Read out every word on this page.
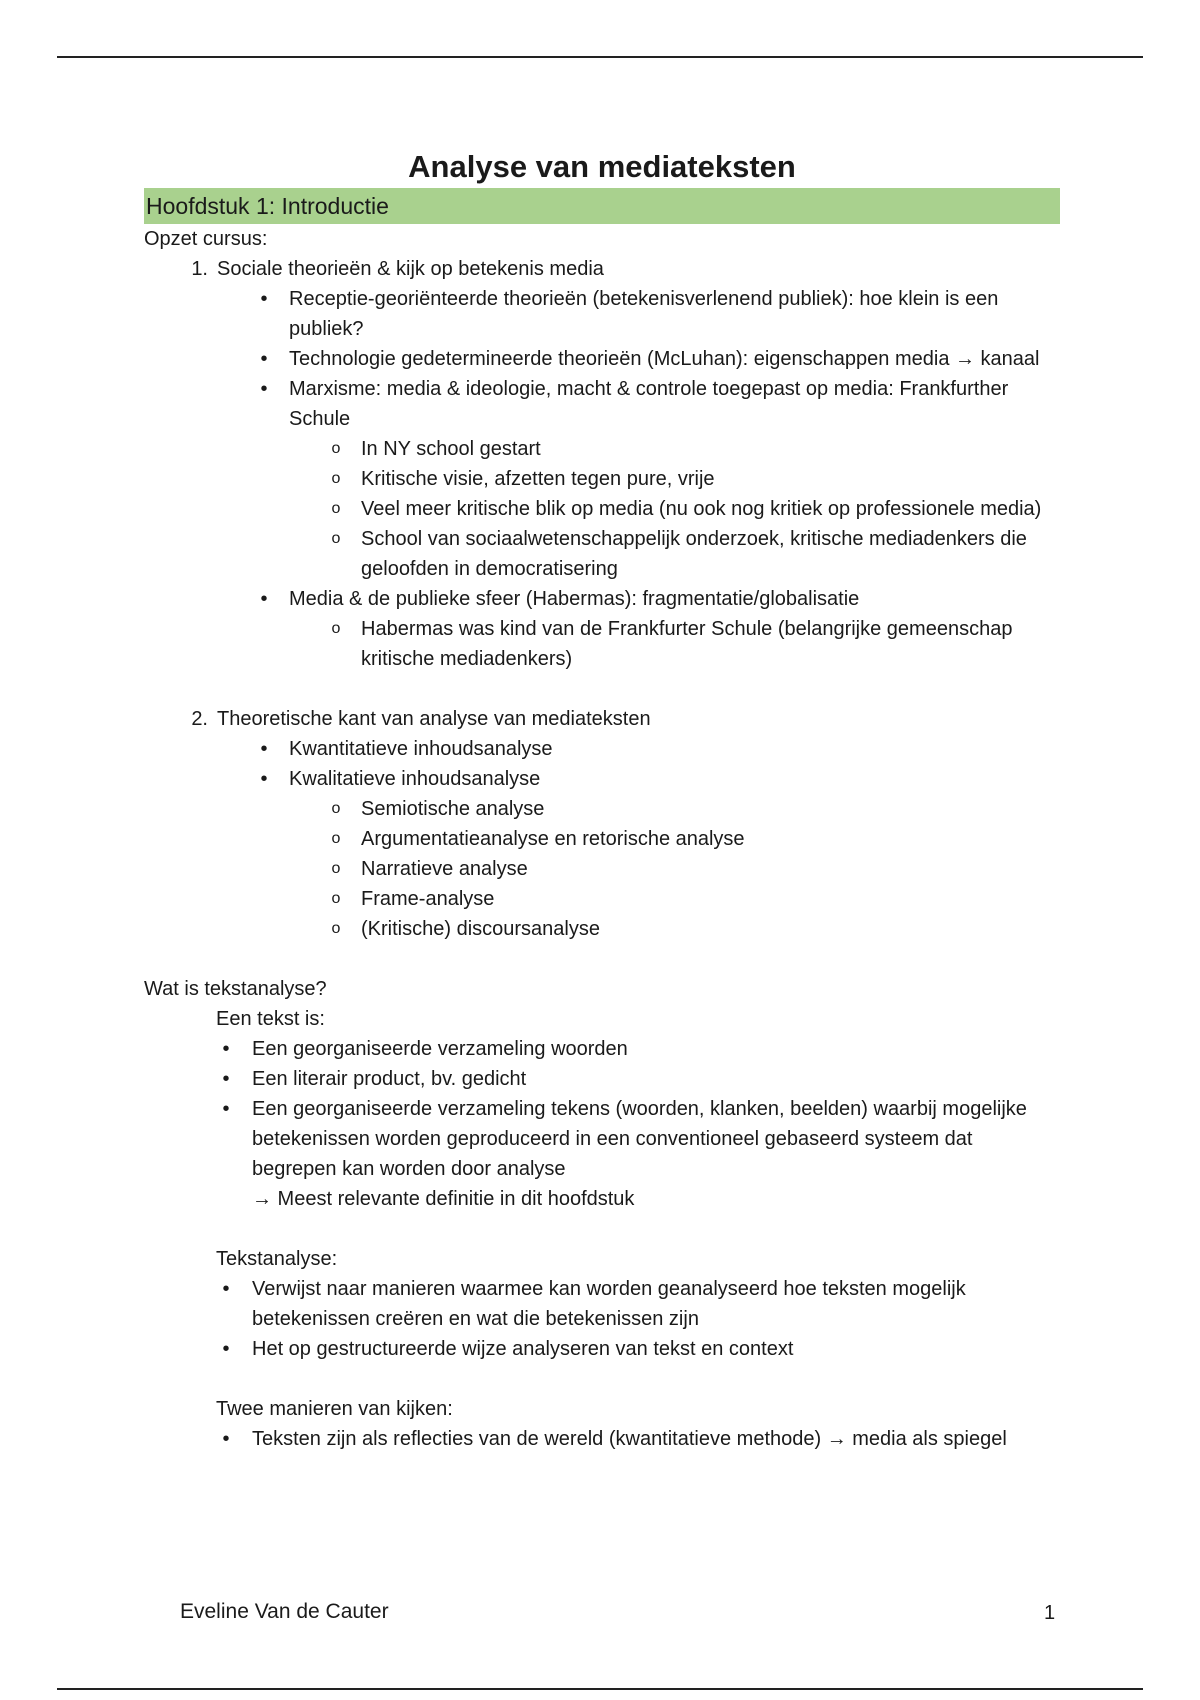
Analyse van mediateksten
Hoofdstuk 1: Introductie
Opzet cursus:
1. Sociale theorieën & kijk op betekenis media
•	Receptie-georiënteerde theorieën (betekenisverlenend publiek): hoe klein is een publiek?
•	Technologie gedetermineerde theorieën (McLuhan): eigenschappen media → kanaal
•	Marxisme: media & ideologie, macht & controle toegepast op media: Frankfurther Schule
o In NY school gestart
o Kritische visie, afzetten tegen pure, vrije
o Veel meer kritische blik op media (nu ook nog kritiek op professionele media)
o School van sociaalwetenschappelijk onderzoek, kritische mediadenkers die geloofden in democratisering
•	Media & de publieke sfeer (Habermas): fragmentatie/globalisatie
o Habermas was kind van de Frankfurter Schule (belangrijke gemeenschap kritische mediadenkers)
2. Theoretische kant van analyse van mediateksten
•	Kwantitatieve inhoudsanalyse
•	Kwalitatieve inhoudsanalyse
o Semiotische analyse
o Argumentatieanalyse en retorische analyse
o Narratieve analyse
o Frame-analyse
o (Kritische) discoursanalyse
Wat is tekstanalyse?
Een tekst is:
•	Een georganiseerde verzameling woorden
•	Een literair product, bv. gedicht
•	Een georganiseerde verzameling tekens (woorden, klanken, beelden) waarbij mogelijke betekenissen worden geproduceerd in een conventioneel gebaseerd systeem dat begrepen kan worden door analyse
→ Meest relevante definitie in dit hoofdstuk
Tekstanalyse:
•	Verwijst naar manieren waarmee kan worden geanalyseerd hoe teksten mogelijk betekenissen creëren en wat die betekenissen zijn
•	Het op gestructureerde wijze analyseren van tekst en context
Twee manieren van kijken:
•	Teksten zijn als reflecties van de wereld (kwantitatieve methode) → media als spiegel
Eveline Van de Cauter	1
